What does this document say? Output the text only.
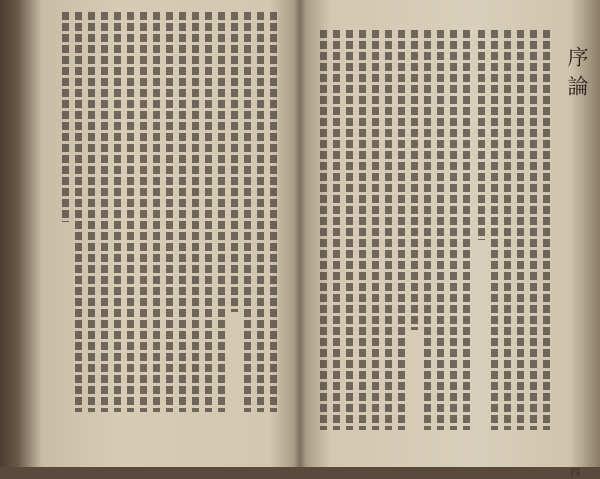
序論
四
